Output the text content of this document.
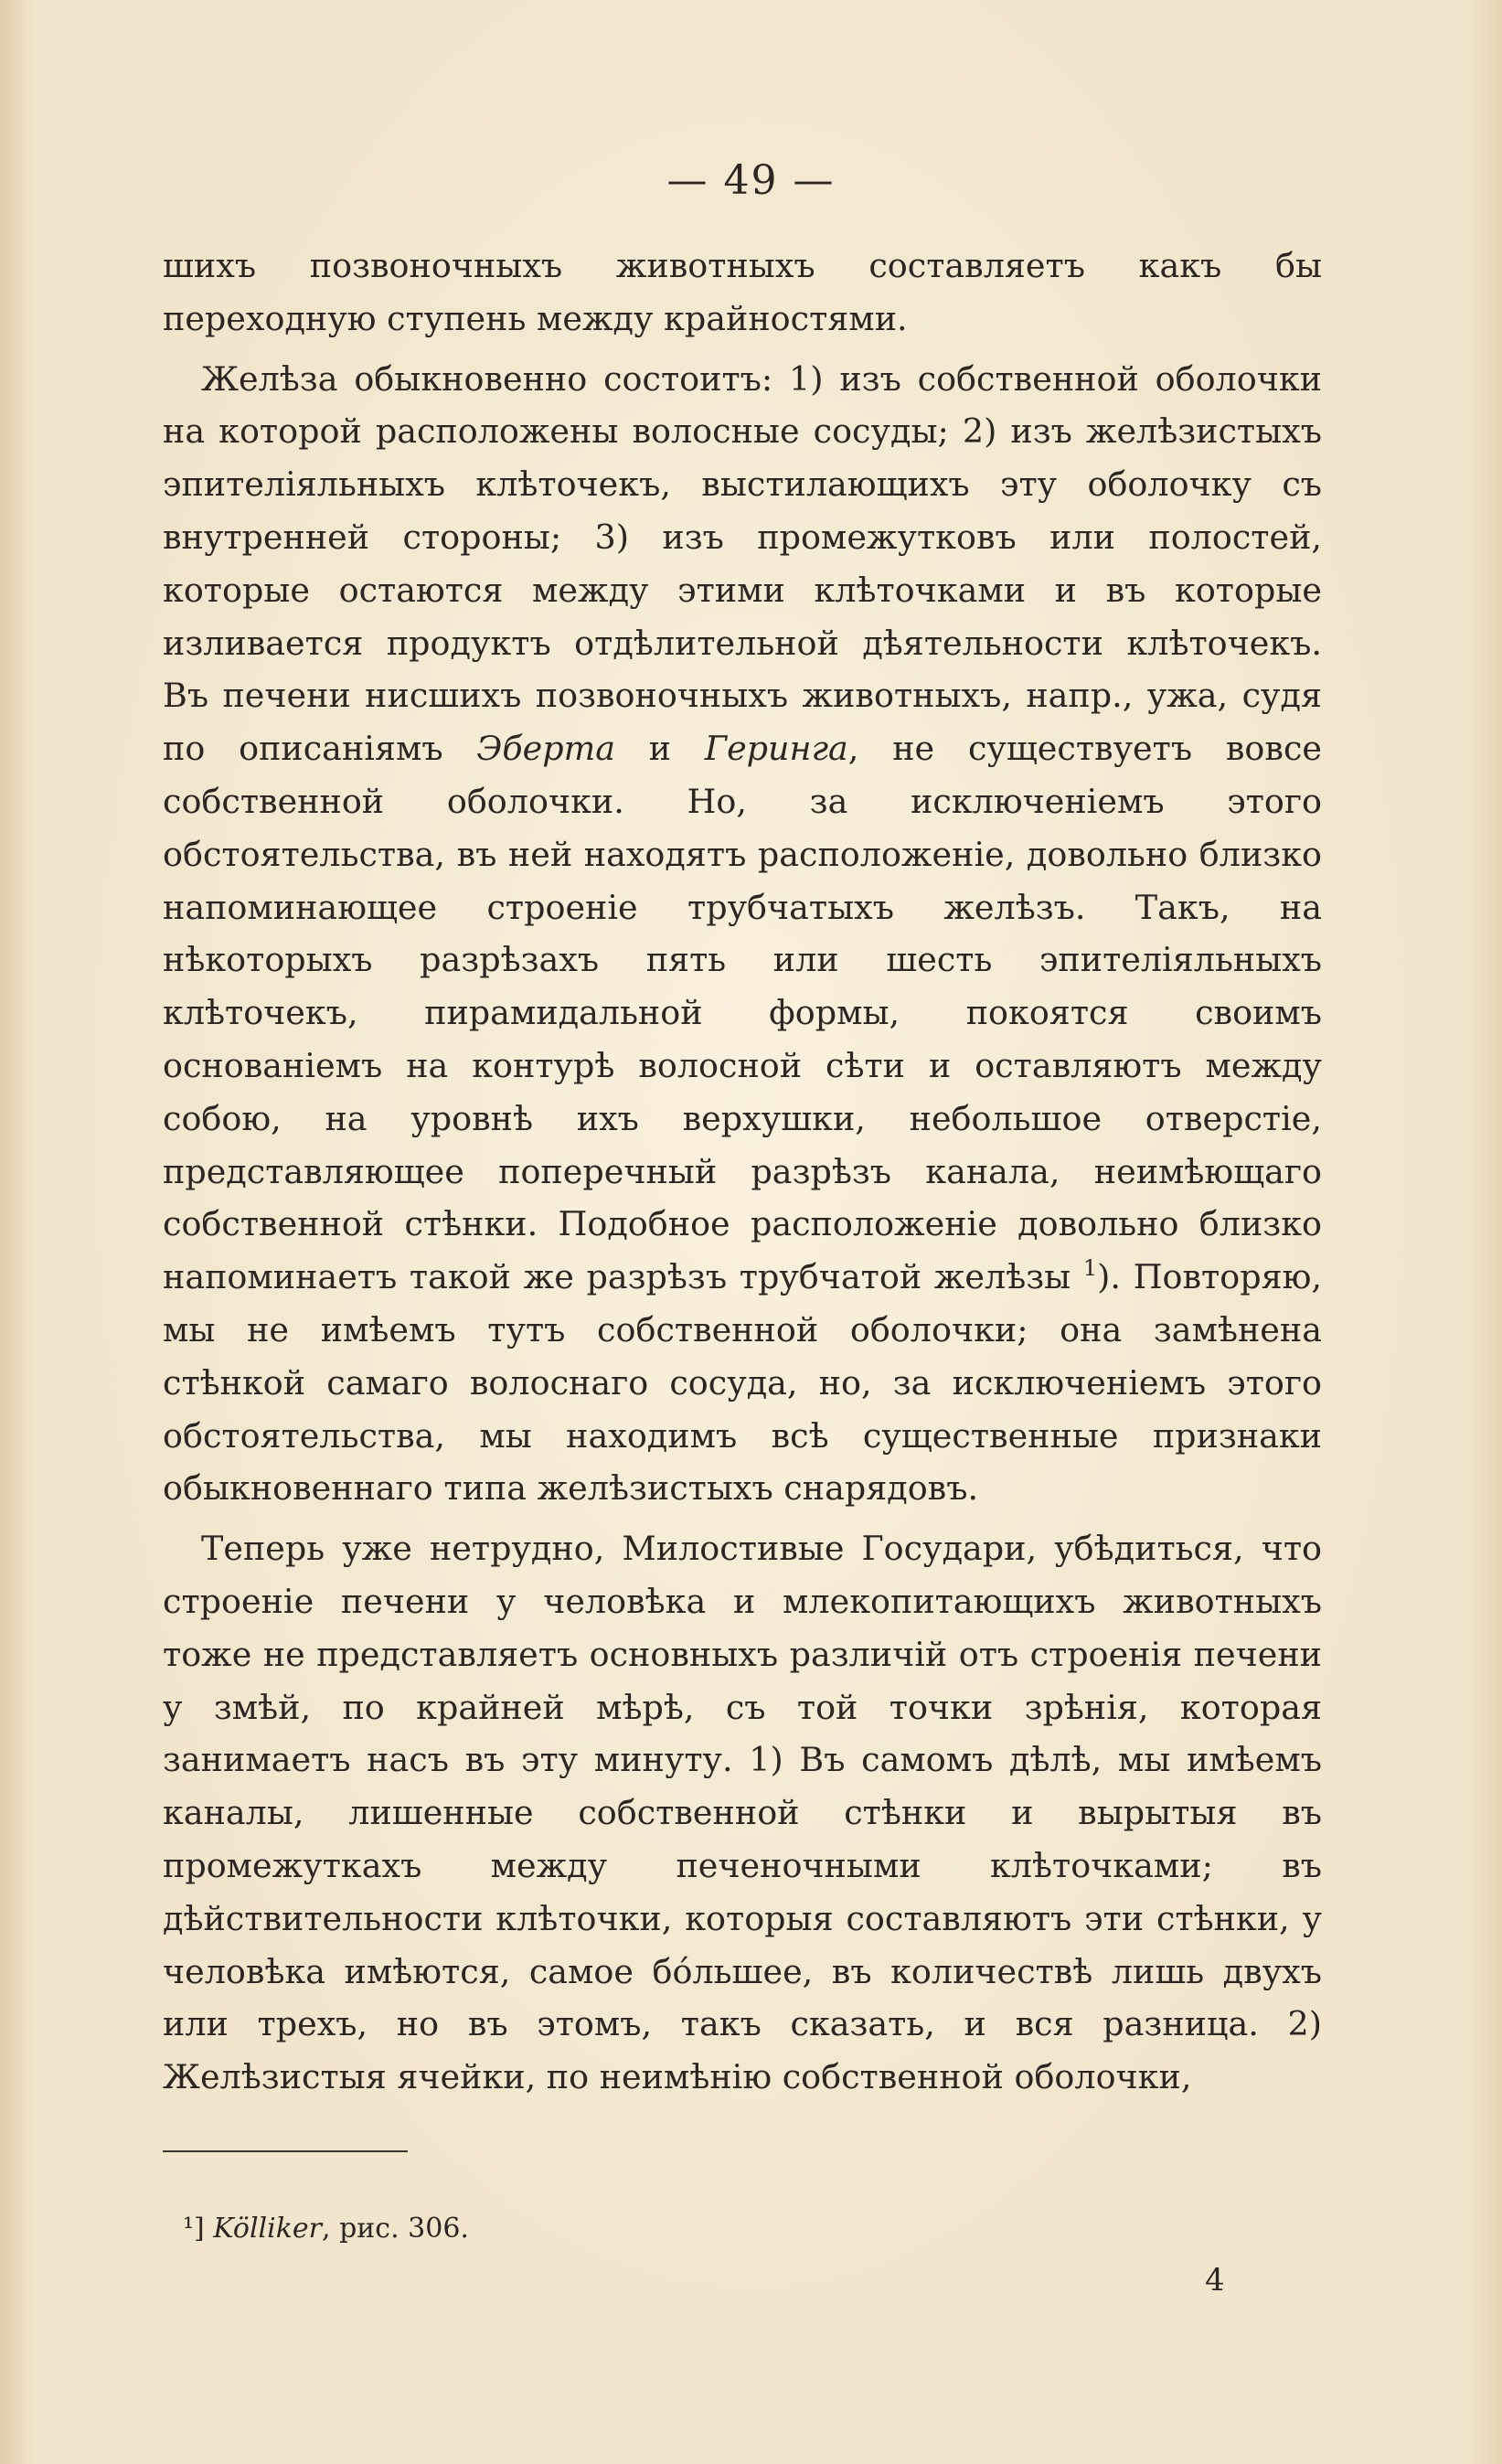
— 49 —

шихъ позвоночныхъ животныхъ составляетъ какъ бы переходную ступень между крайностями.

Желѣза обыкновенно состоитъ: 1) изъ собственной оболочки на которой расположены волосные сосуды; 2) изъ желѣзистыхъ эпителіяльныхъ клѣточекъ, выстилающихъ эту оболочку съ внутренней стороны; 3) изъ промежутковъ или полостей, которые остаются между этими клѣточками и въ которые изливается продуктъ отдѣлительной дѣятельности клѣточекъ. Въ печени нисшихъ позвоночныхъ животныхъ, напр., ужа, судя по описаніямъ Эберта и Геринга, не существуетъ вовсе собственной оболочки. Но, за исключеніемъ этого обстоятельства, въ ней находятъ расположеніе, довольно близко напоминающее строеніе трубчатыхъ желѣзъ. Такъ, на нѣкоторыхъ разрѣзахъ пять или шесть эпителіяльныхъ клѣточекъ, пирамидальной формы, покоятся своимъ основаніемъ на контурѣ волосной сѣти и оставляютъ между собою, на уровнѣ ихъ верхушки, небольшое отверстіе, представляющее поперечный разрѣзъ канала, неимѣющаго собственной стѣнки. Подобное расположеніе довольно близко напоминаетъ такой же разрѣзъ трубчатой желѣзы $^1$). Повторяю, мы не имѣемъ тутъ собственной оболочки; она замѣнена стѣнкой самаго волоснаго сосуда, но, за исключеніемъ этого обстоятельства, мы находимъ всѣ существенные признаки обыкновеннаго типа желѣзистыхъ снарядовъ.

Теперь уже нетрудно, Милостивые Государи, убѣдиться, что строеніе печени у человѣка и млекопитающихъ животныхъ тоже не представляетъ основныхъ различій отъ строенія печени у змѣй, по крайней мѣрѣ, съ той точки зрѣнія, которая занимаетъ насъ въ эту минуту. 1) Въ самомъ дѣлѣ, мы имѣемъ каналы, лишенные собственной стѣнки и вырытыя въ промежуткахъ между печеночными клѣточками; въ дѣйствительности клѣточки, которыя составляютъ эти стѣнки, у человѣка имѣются, самое бо́льшее, въ количествѣ лишь двухъ или трехъ, но въ этомъ, такъ сказать, и вся разница. 2) Желѣзистыя ячейки, по неимѣнію собственной оболочки,

¹] Kölliker, рис. 306.
4
